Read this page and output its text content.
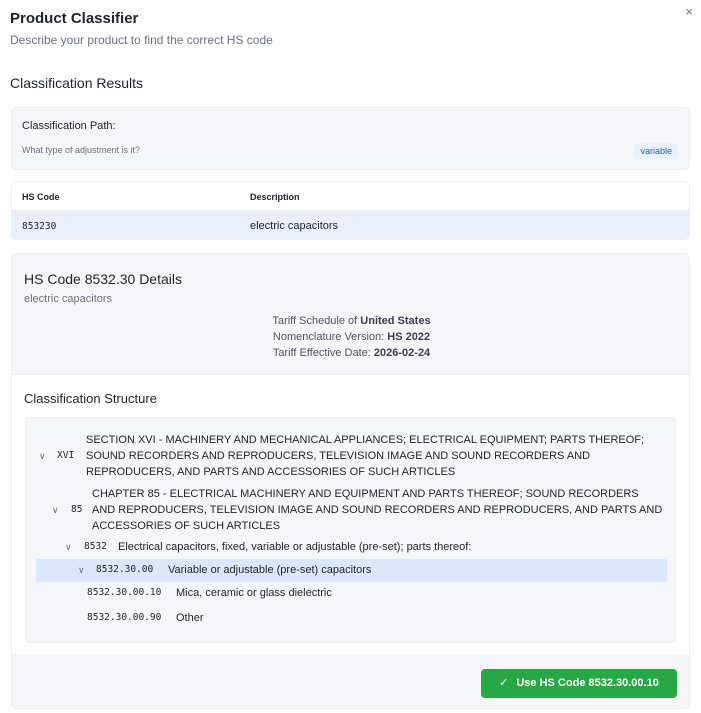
Product Classifier
Describe your product to find the correct HS code
×
Classification Results
Classification Path:
What type of adjustment is it?	variable
HS Code	Description
853230	electric capacitors
HS Code 8532.30 Details
electric capacitors
Tariff Schedule of United States
Nomenclature Version: HS 2022
Tariff Effective Date: 2026-02-24
Classification Structure
∨ XVI
SECTION XVI - MACHINERY AND MECHANICAL APPLIANCES; ELECTRICAL EQUIPMENT; PARTS THEREOF;
SOUND RECORDERS AND REPRODUCERS, TELEVISION IMAGE AND SOUND RECORDERS AND
REPRODUCERS, AND PARTS AND ACCESSORIES OF SUCH ARTICLES
∨ 85
CHAPTER 85 - ELECTRICAL MACHINERY AND EQUIPMENT AND PARTS THEREOF; SOUND RECORDERS
AND REPRODUCERS, TELEVISION IMAGE AND SOUND RECORDERS AND REPRODUCERS, AND PARTS AND
ACCESSORIES OF SUCH ARTICLES
∨ 8532 Electrical capacitors, fixed, variable or adjustable (pre-set); parts thereof:
∨ 8532.30.00 Variable or adjustable (pre-set) capacitors
8532.30.00.10 Mica, ceramic or glass dielectric
8532.30.00.90 Other
✓ Use HS Code 8532.30.00.10
